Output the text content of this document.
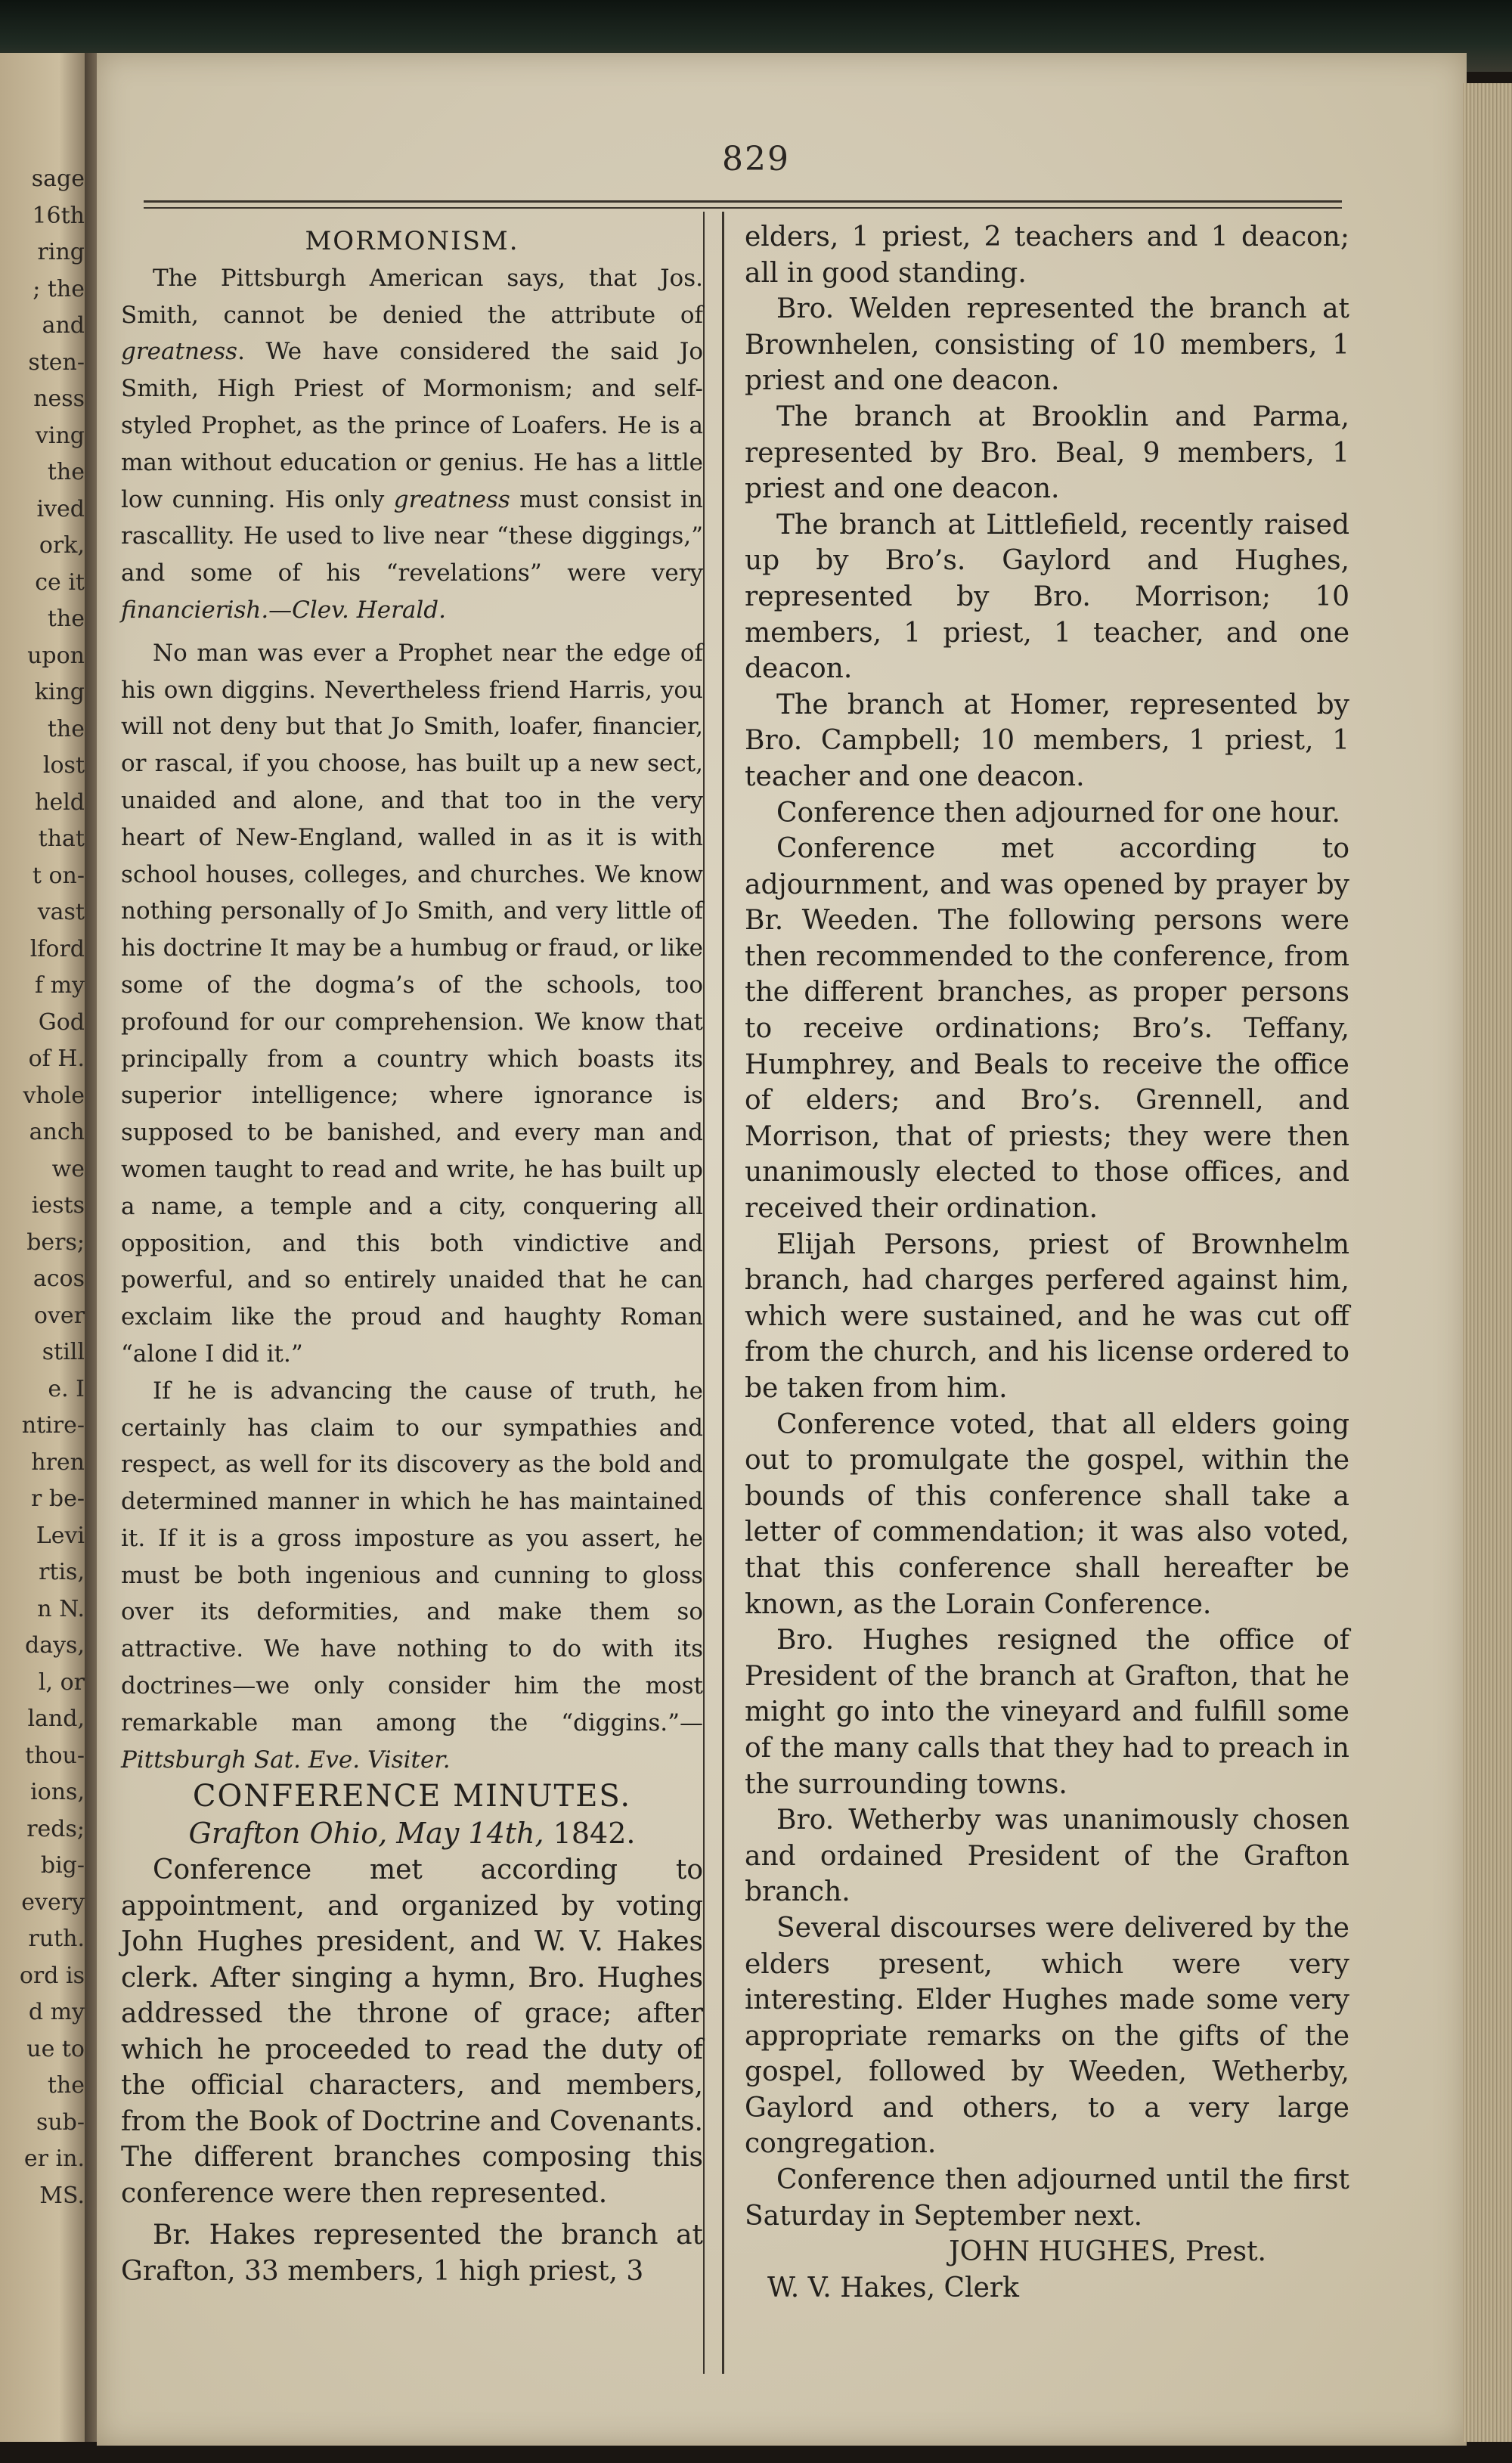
sage
16th
ring
; the
and
sten-
ness
ving
the
ived
ork,
ce it
the
upon
king
the
lost
held
that
t on-
vast
lford
f my
God
of H.
vhole
anch
we
iests
bers;
acos
over
still
e. I
ntire-
hren
r be-
Levi
rtis,
n N.
days,
l, or
land,
thou-
ions,
reds;
big-
every
ruth.
ord is
d my
ue to
the
sub-
er in.
MS.
829

MORMONISM.

The Pittsburgh American says, that Jos. Smith, cannot be denied the attribute of greatness. We have considered the said Jo Smith, High Priest of Mormonism; and self-styled Prophet, as the prince of Loafers. He is a man without education or genius. He has a little low cunning. His only greatness must consist in rascallity. He used to live near “these diggings,” and some of his “revelations” were very financierish.—Clev. Herald.

No man was ever a Prophet near the edge of his own diggins. Nevertheless friend Harris, you will not deny but that Jo Smith, loafer, financier, or rascal, if you choose, has built up a new sect, unaided and alone, and that too in the very heart of New-England, walled in as it is with school houses, colleges, and churches. We know nothing personally of Jo Smith, and very little of his doctrine It may be a humbug or fraud, or like some of the dogma’s of the schools, too profound for our comprehension. We know that principally from a country which boasts its superior intelligence; where ignorance is supposed to be banished, and every man and women taught to read and write, he has built up a name, a temple and a city, conquering all opposition, and this both vindictive and powerful, and so entirely unaided that he can exclaim like the proud and haughty Roman “alone I did it.”

If he is advancing the cause of truth, he certainly has claim to our sympathies and respect, as well for its discovery as the bold and determined manner in which he has maintained it. If it is a gross imposture as you assert, he must be both ingenious and cunning to gloss over its deformities, and make them so attractive. We have nothing to do with its doctrines—we only consider him the most remarkable man among the “diggins.”—Pittsburgh Sat. Eve. Visiter.

CONFERENCE MINUTES.

Grafton Ohio, May 14th, 1842.

Conference met according to appointment, and organized by voting John Hughes president, and W. V. Hakes clerk. After singing a hymn, Bro. Hughes addressed the throne of grace; after which he proceeded to read the duty of the official characters, and members, from the Book of Doctrine and Covenants. The different branches composing this conference were then represented.

Br. Hakes represented the branch at Grafton, 33 members, 1 high priest, 3

elders, 1 priest, 2 teachers and 1 deacon; all in good standing.

Bro. Welden represented the branch at Brownhelen, consisting of 10 members, 1 priest and one deacon.

The branch at Brooklin and Parma, represented by Bro. Beal, 9 members, 1 priest and one deacon.

The branch at Littlefield, recently raised up by Bro’s. Gaylord and Hughes, represented by Bro. Morrison; 10 members, 1 priest, 1 teacher, and one deacon.

The branch at Homer, represented by Bro. Campbell; 10 members, 1 priest, 1 teacher and one deacon.

Conference then adjourned for one hour.

Conference met according to adjournment, and was opened by prayer by Br. Weeden. The following persons were then recommended to the conference, from the different branches, as proper persons to receive ordinations; Bro’s. Teffany, Humphrey, and Beals to receive the office of elders; and Bro’s. Grennell, and Morrison, that of priests; they were then unanimously elected to those offices, and received their ordination.

Elijah Persons, priest of Brownhelm branch, had charges perfered against him, which were sustained, and he was cut off from the church, and his license ordered to be taken from him.

Conference voted, that all elders going out to promulgate the gospel, within the bounds of this conference shall take a letter of commendation; it was also voted, that this conference shall hereafter be known, as the Lorain Conference.

Bro. Hughes resigned the office of President of the branch at Grafton, that he might go into the vineyard and fulfill some of the many calls that they had to preach in the surrounding towns.

Bro. Wetherby was unanimously chosen and ordained President of the Grafton branch.

Several discourses were delivered by the elders present, which were very interesting. Elder Hughes made some very appropriate remarks on the gifts of the gospel, followed by Weeden, Wetherby, Gaylord and others, to a very large congregation.

Conference then adjourned until the first Saturday in September next.

JOHN HUGHES, Prest.

W. V. Hakes, Clerk
